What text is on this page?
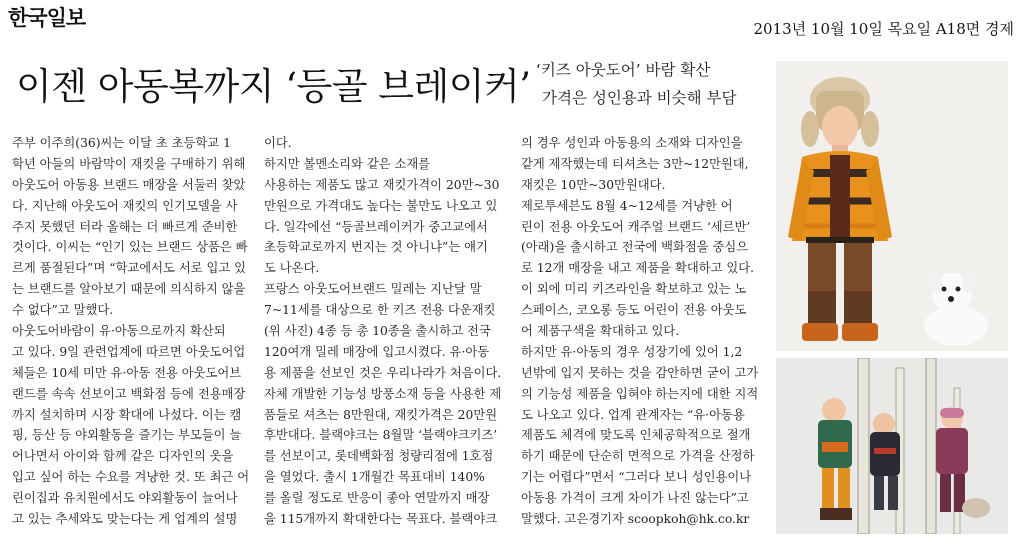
한국일보	2013년 10월 10일 목요일 A18면 경제
이젠 아동복까지 ‘등골 브레이커’ ‘키즈 아웃도어’ 바람 확산
가격은 성인용과 비슷해 부담
주부 이주희(36)씨는 이달 초 초등학교 1
학년 아들의 바람막이 재킷을 구매하기 위해
아웃도어 아동용 브랜드 매장을 서둘러 찾았
다. 지난해 아웃도어 재킷의 인기모델을 사
주지 못했던 터라 올해는 더 빠르게 준비한
것이다. 이씨는 “인기 있는 브랜드 상품은 빠
르게 품절된다”며 “학교에서도 서로 입고 있
는 브랜드를 알아보기 때문에 의식하지 않을
수 없다”고 말했다.
아웃도어바람이 유·아동으로까지 확산되
고 있다. 9일 관련업계에 따르면 아웃도어업
체들은 10세 미만 유·아동 전용 아웃도어브
랜드를 속속 선보이고 백화점 등에 전용매장
까지 설치하며 시장 확대에 나섰다. 이는 캠
핑, 등산 등 야외활동을 즐기는 부모들이 늘
어나면서 아이와 함께 같은 디자인의 옷을
입고 싶어 하는 수요를 겨냥한 것. 또 최근 어
린이집과 유치원에서도 야외활동이 늘어나
고 있는 추세와도 맞는다는 게 업계의 설명
이다.
하지만 볼멘소리와 같은 소재를
사용하는 제품도 많고 재킷가격이 20만~30
만원으로 가격대도 높다는 불만도 나오고 있
다. 일각에선 “등골브레이커가 중고교에서
초등학교로까지 번지는 것 아니냐”는 얘기
도 나온다.
프랑스 아웃도어브랜드 밀레는 지난달 말
7~11세를 대상으로 한 키즈 전용 다운재킷
(위 사진) 4종 등 총 10종을 출시하고 전국
120여개 밀레 매장에 입고시켰다. 유·아동
용 제품을 선보인 것은 우리나라가 처음이다.
자체 개발한 기능성 방풍소재 등을 사용한 제
품들로 셔츠는 8만원대, 재킷가격은 20만원
후반대다. 블랙야크는 8월말 ‘블랙야크키즈’
를 선보이고, 롯데백화점 청량리점에 1호점
을 열었다. 출시 1개월간 목표대비 140%
를 올릴 정도로 반응이 좋아 연말까지 매장
을 115개까지 확대한다는 목표다. 블랙야크
의 경우 성인과 아동용의 소재와 디자인을
같게 제작했는데 티셔츠는 3만~12만원대,
재킷은 10만~30만원대다.
제로투세븐도 8월 4~12세를 겨냥한 어
린이 전용 아웃도어 캐주얼 브랜드 ‘세르반’
(아래)을 출시하고 전국에 백화점을 중심으
로 12개 매장을 내고 제품을 확대하고 있다.
이 외에 미리 키즈라인을 확보하고 있는 노
스페이스, 코오롱 등도 어린이 전용 아웃도
어 제품구색을 확대하고 있다.
하지만 유·아동의 경우 성장기에 있어 1,2
년밖에 입지 못하는 것을 감안하면 굳이 고가
의 기능성 제품을 입혀야 하는지에 대한 지적
도 나오고 있다. 업계 관계자는 “유·아동용
제품도 체격에 맞도록 인체공학적으로 절개
하기 때문에 단순히 면적으로 가격을 산정하
기는 어렵다”면서 “그러다 보니 성인용이나
아동용 가격이 크게 차이가 나진 않는다”고
말했다. 고은경기자 scoopkoh@hk.co.kr
